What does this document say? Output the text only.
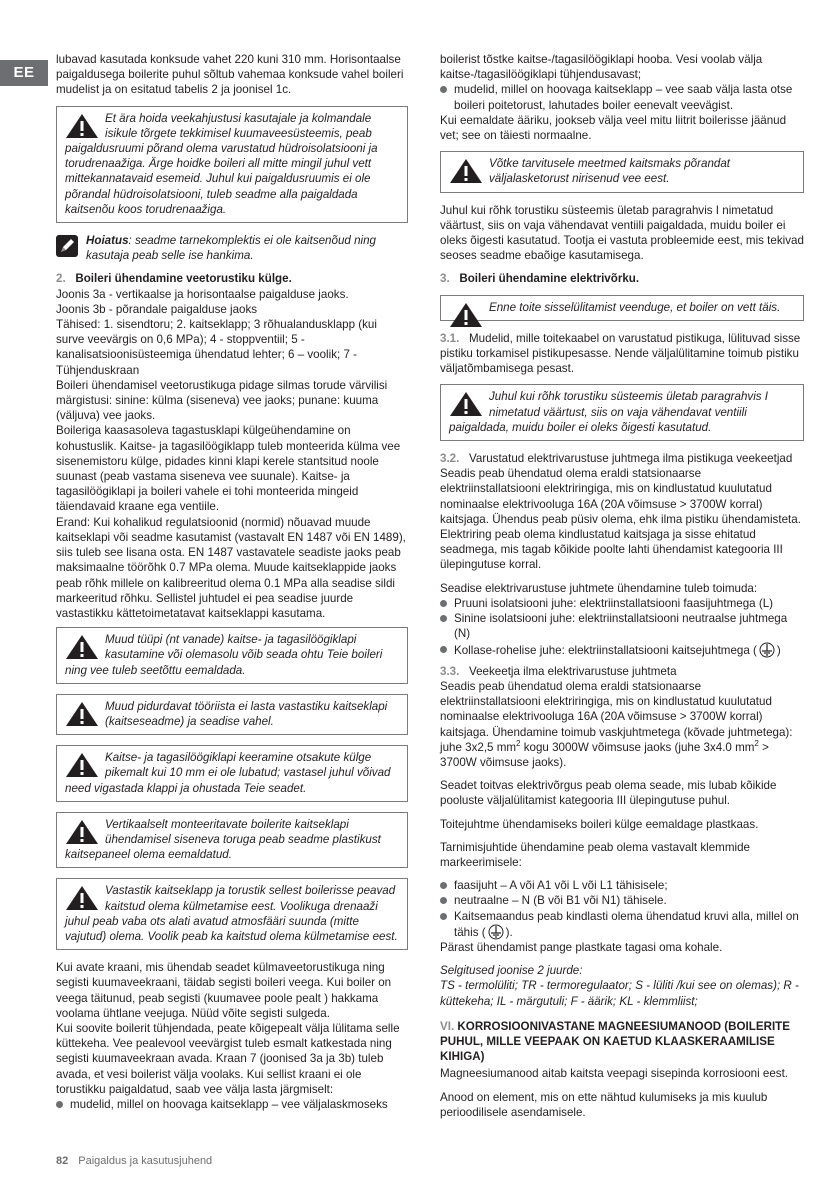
EE

lubavad kasutada konksude vahet 220 kuni 310 mm. Horisontaalse paigaldusega boilerite puhul sõltub vahemaa konksude vahel boileri mudelist ja on esitatud tabelis 2 ja joonisel 1c.

Et ära hoida veekahjustusi kasutajale ja kolmandale isikule tõrgete tekkimisel kuumaveesüsteemis, peab paigaldusruumi põrand olema varustatud hüdroisolatsiooni ja torudrenaažiga. Ärge hoidke boileri all mitte mingil juhul vett mittekannatavaid esemeid. Juhul kui paigaldusruumis ei ole põrandal hüdroisolatsiooni, tuleb seadme alla paigaldada kaitsenõu koos torudrenaažiga.
Hoiatus: seadme tarnekomplektis ei ole kaitsenõud ning kasutaja peab selle ise hankima.

2. Boileri ühendamine veetorustiku külge.

Joonis 3a - vertikaalse ja horisontaalse paigalduse jaoks.

Joonis 3b - põrandale paigalduse jaoks

Tähised: 1. sisendtoru; 2. kaitseklapp; 3 rõhualandusklapp (kui surve veevärgis on 0,6 MPa); 4 - stoppventiil; 5 - kanalisatsioonisüsteemiga ühendatud lehter; 6 – voolik; 7 - Tühjenduskraan

Boileri ühendamisel veetorustikuga pidage silmas torude värvilisi märgistusi: sinine: külma (siseneva) vee jaoks; punane: kuuma (väljuva) vee jaoks.

Boileriga kaasasoleva tagastusklapi külgeühendamine on kohustuslik. Kaitse- ja tagasilöögiklapp tuleb monteerida külma vee sisenemistoru külge, pidades kinni klapi kerele stantsitud noole suunast (peab vastama siseneva vee suunale). Kaitse- ja tagasilöögiklapi ja boileri vahele ei tohi monteerida mingeid täiendavaid kraane ega ventiile.

Erand: Kui kohalikud regulatsioonid (normid) nõuavad muude kaitseklapi või seadme kasutamist (vastavalt EN 1487 või EN 1489), siis tuleb see lisana osta. EN 1487 vastavatele seadiste jaoks peab maksimaalne töörõhk 0.7 MPa olema. Muude kaitseklappide jaoks peab rõhk millele on kalibreeritud olema 0.1 MPa alla seadise sildi markeeritud rõhku. Sellistel juhtudel ei pea seadise juurde vastastikku kättetoimetatavat kaitseklappi kasutama.

Muud tüüpi (nt vanade) kaitse- ja tagasilöögiklapi kasutamine või olemasolu võib seada ohtu Teie boileri ning vee tuleb seetõttu eemaldada.
Muud pidurdavat tööriista ei lasta vastastiku kaitseklapi (kaitseseadme) ja seadise vahel.
Kaitse- ja tagasilöögiklapi keeramine otsakute külge pikemalt kui 10 mm ei ole lubatud; vastasel juhul võivad need vigastada klappi ja ohustada Teie seadet.
Vertikaalselt monteeritavate boilerite kaitseklapi ühendamisel siseneva toruga peab seadme plastikust kaitsepaneel olema eemaldatud.
Vastastik kaitseklapp ja torustik sellest boilerisse peavad kaitstud olema külmetamise eest. Voolikuga drenaaži juhul peab vaba ots alati avatud atmosfääri suunda (mitte vajutud) olema. Voolik peab ka kaitstud olema külmetamise eest.

Kui avate kraani, mis ühendab seadet külmaveetorustikuga ning segisti kuumaveekraani, täidab segisti boileri veega. Kui boiler on veega täitunud, peab segisti (kuumavee poole pealt ) hakkama voolama ühtlane veejuga. Nüüd võite segisti sulgeda.

Kui soovite boilerit tühjendada, peate kõigepealt välja lülitama selle küttekeha. Vee pealevool veevärgist tuleb esmalt katkestada ning segisti kuumaveekraan avada. Kraan 7 (joonised 3a ja 3b) tuleb avada, et vesi boilerist välja voolaks. Kui sellist kraani ei ole torustikku paigaldatud, saab vee välja lasta järgmiselt:

mudelid, millel on hoovaga kaitseklapp – vee väljalaskmoseks

boilerist tõstke kaitse-/tagasilöögiklapi hooba. Vesi voolab välja kaitse-/tagasilöögiklapi tühjendusavast;

mudelid, millel on hoovaga kaitseklapp – vee saab välja lasta otse boileri poitetorust, lahutades boiler eenevalt veevägist.

Kui eemaldate ääriku, jookseb välja veel mitu liitrit boilerisse jäänud vet; see on täiesti normaalne.

Võtke tarvitusele meetmed kaitsmaks põrandat väljalasketorust nirisenud vee eest.

Juhul kui rõhk torustiku süsteemis ületab paragrahvis I nimetatud väärtust, siis on vaja vähendavat ventiili paigaldada, muidu boiler ei oleks õigesti kasutatud. Tootja ei vastuta probleemide eest, mis tekivad seoses seadme ebaõige kasutamisega.

3. Boileri ühendamine elektrivõrku.

Enne toite sisselülitamist veenduge, et boiler on vett täis.

3.1. Mudelid, mille toitekaabel on varustatud pistikuga, lülituvad sisse pistiku torkamisel pistikupesasse. Nende väljalülitamine toimub pistiku väljatõmbamisega pesast.

Juhul kui rõhk torustiku süsteemis ületab paragrahvis I nimetatud väärtust, siis on vaja vähendavat ventiili paigaldada, muidu boiler ei oleks õigesti kasutatud.

3.2. Varustatud elektrivarustuse juhtmega ilma pistikuga veekeetjad Seadis peab ühendatud olema eraldi statsionaarse elektriinstallatsiooni elektriringiga, mis on kindlustatud kuulutatud nominaalse elektrivooluga 16A (20A võimsuse > 3700W korral) kaitsjaga. Ühendus peab püsiv olema, ehk ilma pistiku ühendamisteta. Elektriring peab olema kindlustatud kaitsjaga ja sisse ehitatud seadmega, mis tagab kõikide poolte lahti ühendamist kategooria III ülepingutuse korral.

Seadise elektrivarustuse juhtmete ühendamine tuleb toimuda:

Pruuni isolatsiooni juhe: elektriinstallatsiooni faasijuhtmega (L)
Sinine isolatsiooni juhe: elektriinstallatsiooni neutraalse juhtmega (N)
Kollase-rohelise juhe: elektriinstallatsiooni kaitsejuhtmega ( )

3.3. Veekeetja ilma elektrivarustuse juhtmeta

Seadis peab ühendatud olema eraldi statsionaarse elektriinstallatsiooni elektriringiga, mis on kindlustatud kuulutatud nominaalse elektrivooluga 16A (20A võimsuse > 3700W korral) kaitsjaga. Ühendamine toimub vaskjuhtmetega (kõvade juhtmetega): juhe 3x2,5 $mm^2$ kogu 3000W võimsuse jaoks (juhe 3x4.0 $mm^2 > 3700W$ võimsuse jaoks).

Seadet toitvas elektrivõrgus peab olema seade, mis lubab kõikide pooluste väljalülitamist kategooria III ülepingutuse puhul.

Toitejuhtme ühendamiseks boileri külge eemaldage plastkaas.

Tarnimisjuhtide ühendamine peab olema vastavalt klemmide markeerimisele:

faasijuht – A või A1 või L või L1 tähisisele;
neutraalne – N (B või B1 või N1) tähisele.
Kaitsemaandus peab kindlasti olema ühendatud kruvi alla, millel on tähis ( ).

Pärast ühendamist pange plastkate tagasi oma kohale.

Selgitused joonise 2 juurde:

TS - termolüliti; TR - termoregulaator; S - lüliti /kui see on olemas); R - küttekeha; IL - märgutuli; F - äärik; KL - klemmliist;

VI. KORROSIOONIVASTANE MAGNEESIUMANOOD (BOILERITE PUHUL, MILLE VEEPAAK ON KAETUD KLAASKERAAMILISE KIHIGA)

Magneesiumanood aitab kaitsta veepagi sisepinda korrosiooni eest.

Anood on element, mis on ette nähtud kulumiseks ja mis kuulub perioodilisele asendamisele.

82 Paigaldus ja kasutusjuhend
